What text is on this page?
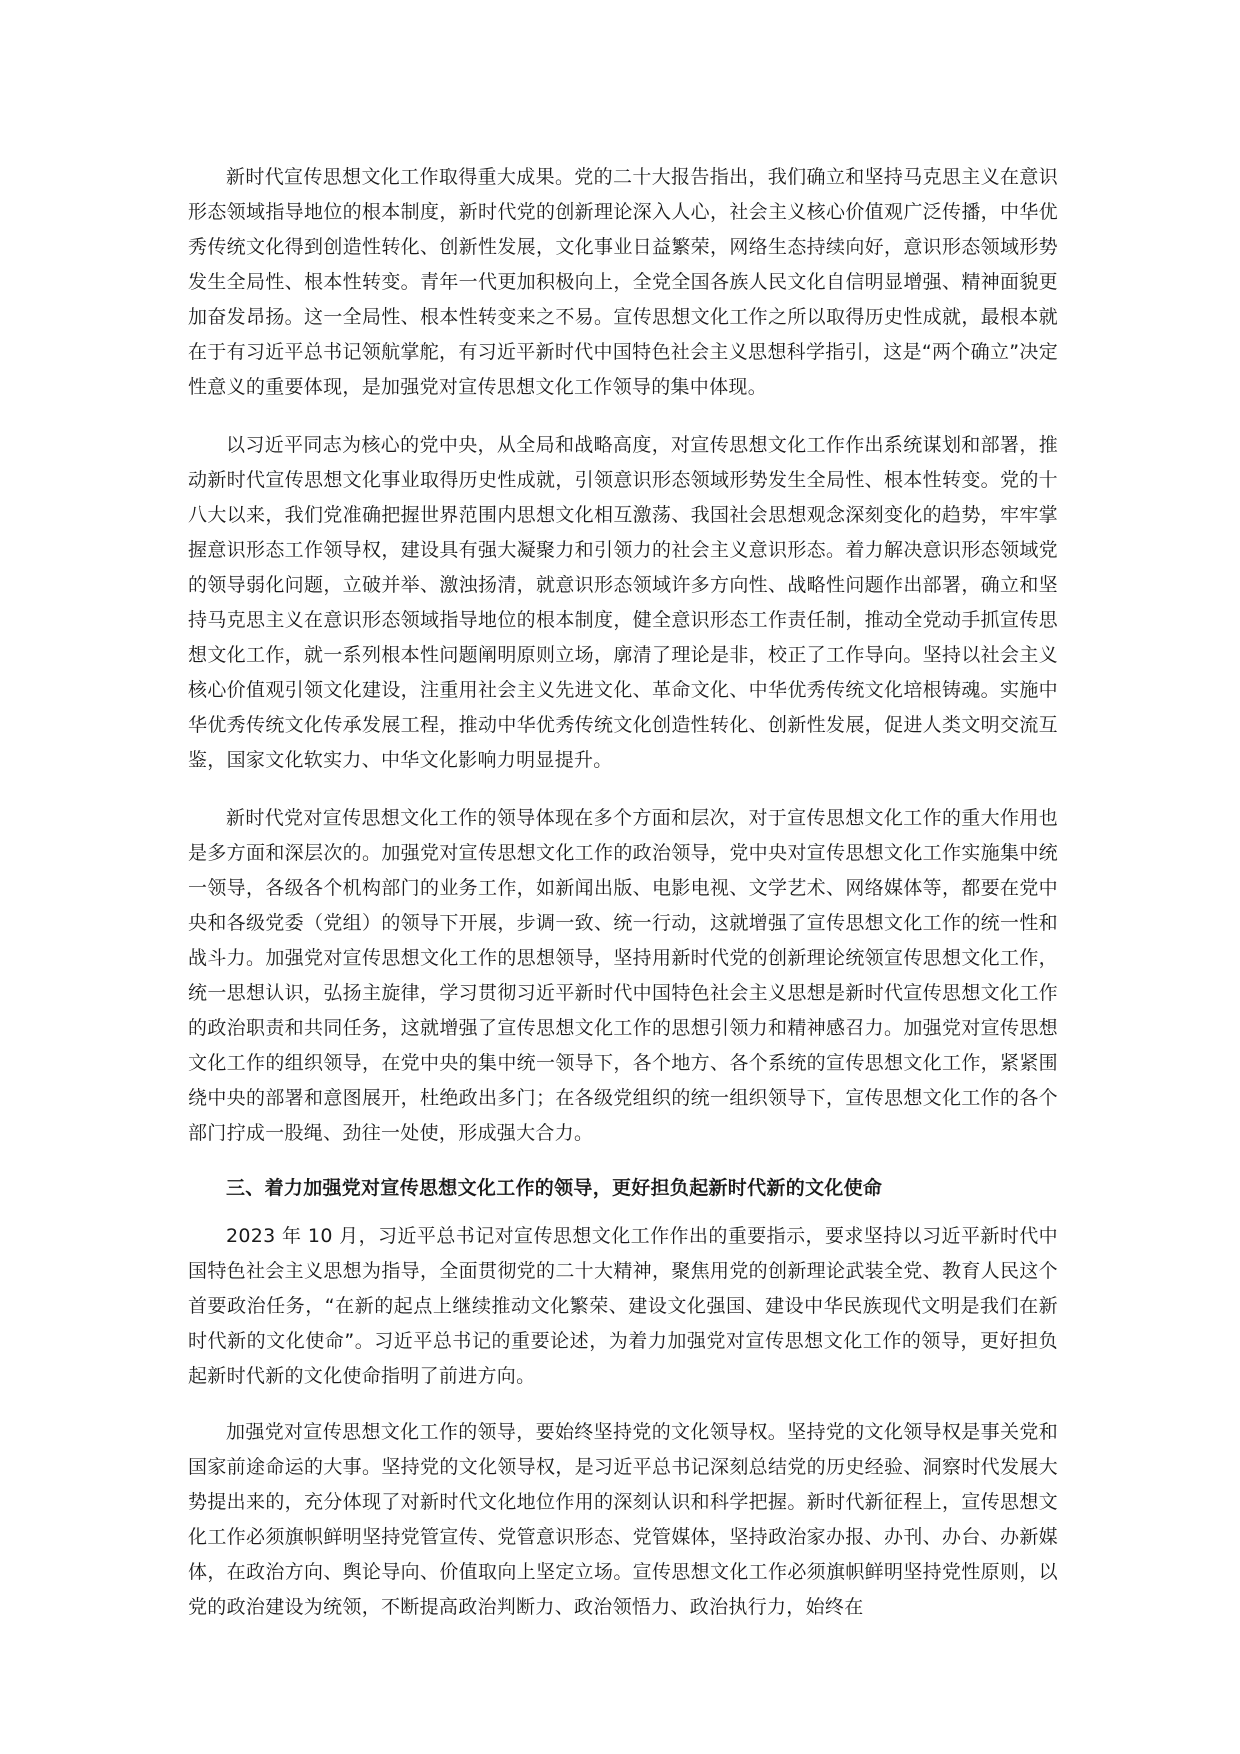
新时代宣传思想文化工作取得重大成果。党的二十大报告指出，我们确立和坚持马克思主义在意识形态领域指导地位的根本制度，新时代党的创新理论深入人心，社会主义核心价值观广泛传播，中华优秀传统文化得到创造性转化、创新性发展，文化事业日益繁荣，网络生态持续向好，意识形态领域形势发生全局性、根本性转变。青年一代更加积极向上，全党全国各族人民文化自信明显增强、精神面貌更加奋发昂扬。这一全局性、根本性转变来之不易。宣传思想文化工作之所以取得历史性成就，最根本就在于有习近平总书记领航掌舵，有习近平新时代中国特色社会主义思想科学指引，这是“两个确立”决定性意义的重要体现，是加强党对宣传思想文化工作领导的集中体现。

以习近平同志为核心的党中央，从全局和战略高度，对宣传思想文化工作作出系统谋划和部署，推动新时代宣传思想文化事业取得历史性成就，引领意识形态领域形势发生全局性、根本性转变。党的十八大以来，我们党准确把握世界范围内思想文化相互激荡、我国社会思想观念深刻变化的趋势，牢牢掌握意识形态工作领导权，建设具有强大凝聚力和引领力的社会主义意识形态。着力解决意识形态领域党的领导弱化问题，立破并举、激浊扬清，就意识形态领域许多方向性、战略性问题作出部署，确立和坚持马克思主义在意识形态领域指导地位的根本制度，健全意识形态工作责任制，推动全党动手抓宣传思想文化工作，就一系列根本性问题阐明原则立场，廓清了理论是非，校正了工作导向。坚持以社会主义核心价值观引领文化建设，注重用社会主义先进文化、革命文化、中华优秀传统文化培根铸魂。实施中华优秀传统文化传承发展工程，推动中华优秀传统文化创造性转化、创新性发展，促进人类文明交流互鉴，国家文化软实力、中华文化影响力明显提升。

新时代党对宣传思想文化工作的领导体现在多个方面和层次，对于宣传思想文化工作的重大作用也是多方面和深层次的。加强党对宣传思想文化工作的政治领导，党中央对宣传思想文化工作实施集中统一领导，各级各个机构部门的业务工作，如新闻出版、电影电视、文学艺术、网络媒体等，都要在党中央和各级党委（党组）的领导下开展，步调一致、统一行动，这就增强了宣传思想文化工作的统一性和战斗力。加强党对宣传思想文化工作的思想领导，坚持用新时代党的创新理论统领宣传思想文化工作，统一思想认识，弘扬主旋律，学习贯彻习近平新时代中国特色社会主义思想是新时代宣传思想文化工作的政治职责和共同任务，这就增强了宣传思想文化工作的思想引领力和精神感召力。加强党对宣传思想文化工作的组织领导，在党中央的集中统一领导下，各个地方、各个系统的宣传思想文化工作，紧紧围绕中央的部署和意图展开，杜绝政出多门；在各级党组织的统一组织领导下，宣传思想文化工作的各个部门拧成一股绳、劲往一处使，形成强大合力。

三、着力加强党对宣传思想文化工作的领导，更好担负起新时代新的文化使命

2023 年 10 月，习近平总书记对宣传思想文化工作作出的重要指示，要求坚持以习近平新时代中国特色社会主义思想为指导，全面贯彻党的二十大精神，聚焦用党的创新理论武装全党、教育人民这个首要政治任务，“在新的起点上继续推动文化繁荣、建设文化强国、建设中华民族现代文明是我们在新时代新的文化使命”。习近平总书记的重要论述，为着力加强党对宣传思想文化工作的领导，更好担负起新时代新的文化使命指明了前进方向。

加强党对宣传思想文化工作的领导，要始终坚持党的文化领导权。坚持党的文化领导权是事关党和国家前途命运的大事。坚持党的文化领导权，是习近平总书记深刻总结党的历史经验、洞察时代发展大势提出来的，充分体现了对新时代文化地位作用的深刻认识和科学把握。新时代新征程上，宣传思想文化工作必须旗帜鲜明坚持党管宣传、党管意识形态、党管媒体，坚持政治家办报、办刊、办台、办新媒体，在政治方向、舆论导向、价值取向上坚定立场。宣传思想文化工作必须旗帜鲜明坚持党性原则，以党的政治建设为统领，不断提高政治判断力、政治领悟力、政治执行力，始终在
